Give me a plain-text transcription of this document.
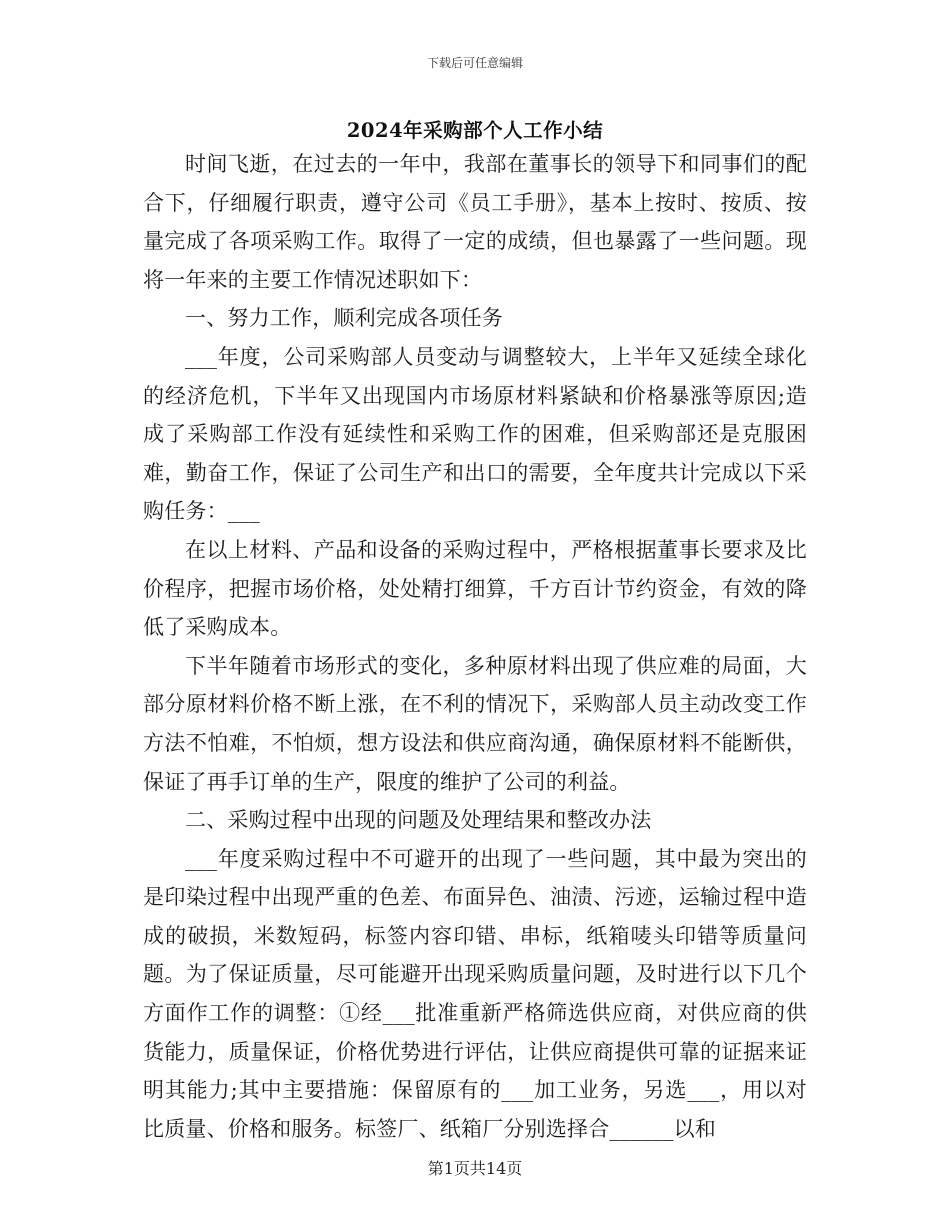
下载后可任意编辑
2024年采购部个人工作小结

时间飞逝，在过去的一年中，我部在董事长的领导下和同事们的配合下，仔细履行职责，遵守公司《员工手册》，基本上按时、按质、按量完成了各项采购工作。取得了一定的成绩，但也暴露了一些问题。现将一年来的主要工作情况述职如下：

一、努力工作，顺利完成各项任务

___年度，公司采购部人员变动与调整较大，上半年又延续全球化的经济危机，下半年又出现国内市场原材料紧缺和价格暴涨等原因;造成了采购部工作没有延续性和采购工作的困难，但采购部还是克服困难，勤奋工作，保证了公司生产和出口的需要，全年度共计完成以下采购任务：___

在以上材料、产品和设备的采购过程中，严格根据董事长要求及比价程序，把握市场价格，处处精打细算，千方百计节约资金，有效的降低了采购成本。

下半年随着市场形式的变化，多种原材料出现了供应难的局面，大部分原材料价格不断上涨，在不利的情况下，采购部人员主动改变工作方法不怕难，不怕烦，想方设法和供应商沟通，确保原材料不能断供，保证了再手订单的生产，限度的维护了公司的利益。

二、采购过程中出现的问题及处理结果和整改办法

___年度采购过程中不可避开的出现了一些问题，其中最为突出的是印染过程中出现严重的色差、布面异色、油渍、污迹，运输过程中造成的破损，米数短码，标签内容印错、串标，纸箱唛头印错等质量问题。为了保证质量，尽可能避开出现采购质量问题，及时进行以下几个方面作工作的调整：①经___批准重新严格筛选供应商，对供应商的供货能力，质量保证，价格优势进行评估，让供应商提供可靠的证据来证明其能力;其中主要措施：保留原有的___加工业务，另选___，用以对比质量、价格和服务。标签厂、纸箱厂分别选择合______以和

第1页共14页
